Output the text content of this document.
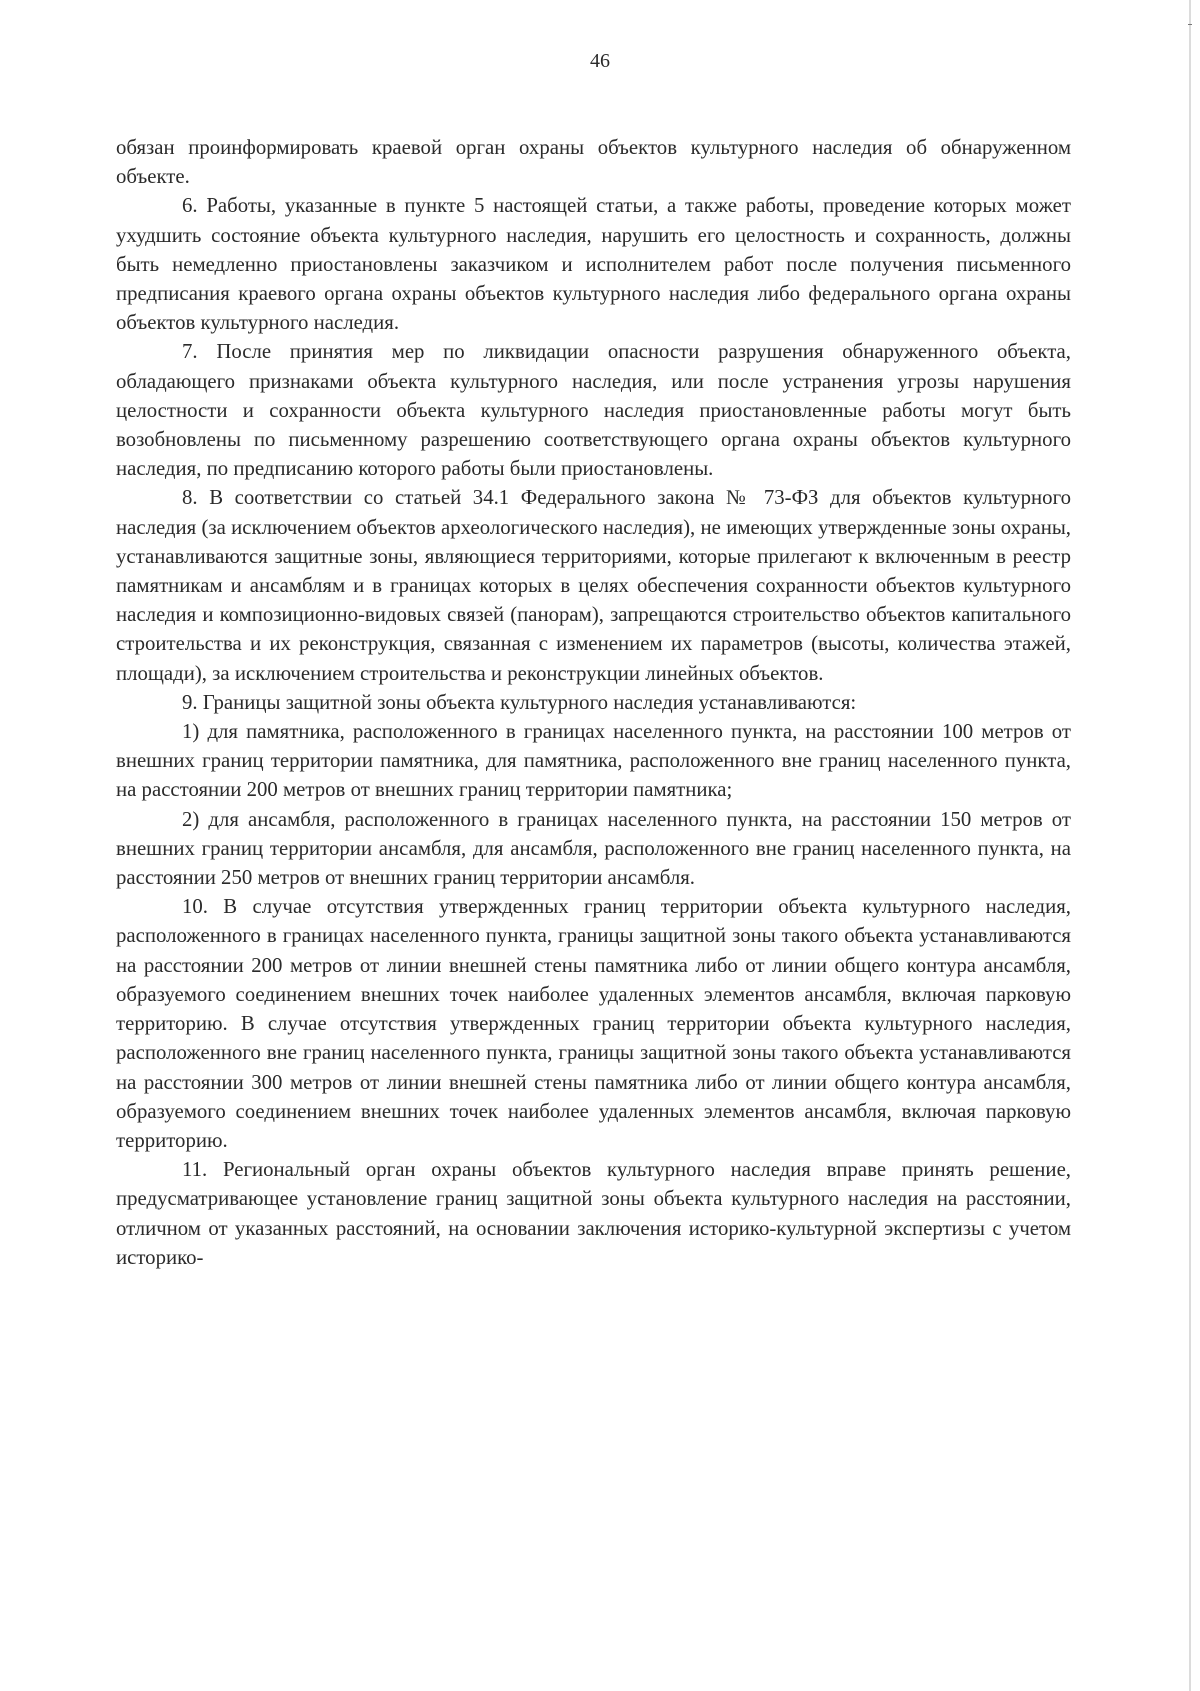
46

обязан проинформировать краевой орган охраны объектов культурного наследия об обнаруженном объекте.

6. Работы, указанные в пункте 5 настоящей статьи, а также работы, проведение которых может ухудшить состояние объекта культурного наследия, нарушить его целостность и сохранность, должны быть немедленно приостановлены заказчиком и исполнителем работ после получения письменного предписания краевого органа охраны объектов культурного наследия либо федерального органа охраны объектов культурного наследия.

7. После принятия мер по ликвидации опасности разрушения обнаруженного объекта, обладающего признаками объекта культурного наследия, или после устранения угрозы нарушения целостности и сохранности объекта культурного наследия приостановленные работы могут быть возобновлены по письменному разрешению соответствующего органа охраны объектов культурного наследия, по предписанию которого работы были приостановлены.

8. В соответствии со статьей 34.1 Федерального закона № 73-ФЗ для объектов культурного наследия (за исключением объектов археологического наследия), не имеющих утвержденные зоны охраны, устанавливаются защитные зоны, являющиеся территориями, которые прилегают к включенным в реестр памятникам и ансамблям и в границах которых в целях обеспечения сохранности объектов культурного наследия и композиционно-видовых связей (панорам), запрещаются строительство объектов капитального строительства и их реконструкция, связанная с изменением их параметров (высоты, количества этажей, площади), за исключением строительства и реконструкции линейных объектов.

9. Границы защитной зоны объекта культурного наследия устанавливаются:

1) для памятника, расположенного в границах населенного пункта, на расстоянии 100 метров от внешних границ территории памятника, для памятника, расположенного вне границ населенного пункта, на расстоянии 200 метров от внешних границ территории памятника;

2) для ансамбля, расположенного в границах населенного пункта, на расстоянии 150 метров от внешних границ территории ансамбля, для ансамбля, расположенного вне границ населенного пункта, на расстоянии 250 метров от внешних границ территории ансамбля.

10. В случае отсутствия утвержденных границ территории объекта культурного наследия, расположенного в границах населенного пункта, границы защитной зоны такого объекта устанавливаются на расстоянии 200 метров от линии внешней стены памятника либо от линии общего контура ансамбля, образуемого соединением внешних точек наиболее удаленных элементов ансамбля, включая парковую территорию. В случае отсутствия утвержденных границ территории объекта культурного наследия, расположенного вне границ населенного пункта, границы защитной зоны такого объекта устанавливаются на расстоянии 300 метров от линии внешней стены памятника либо от линии общего контура ансамбля, образуемого соединением внешних точек наиболее удаленных элементов ансамбля, включая парковую территорию.

11. Региональный орган охраны объектов культурного наследия вправе принять решение, предусматривающее установление границ защитной зоны объекта культурного наследия на расстоянии, отличном от указанных расстояний, на основании заключения историко-культурной экспертизы с учетом историко-
